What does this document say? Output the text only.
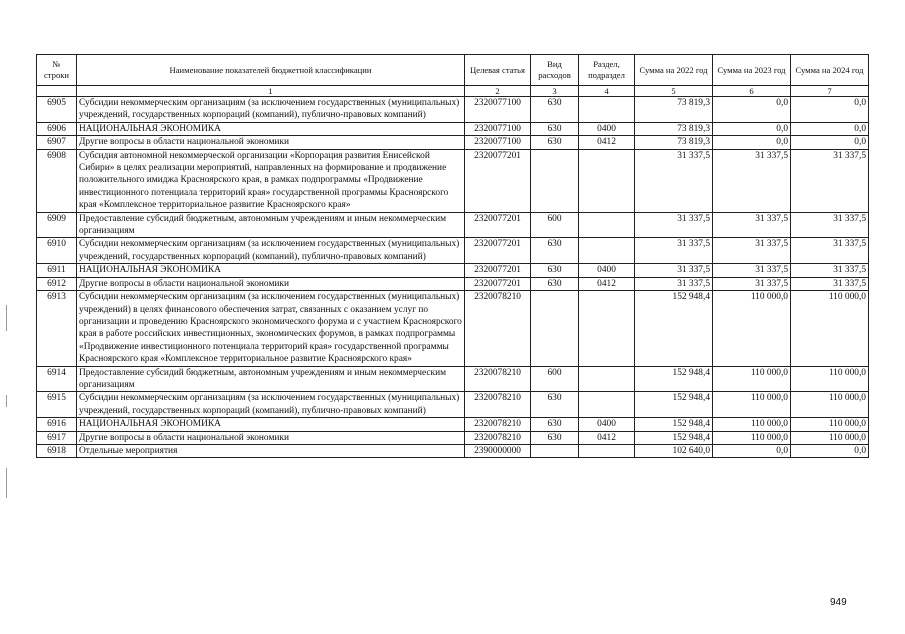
№ строки	Наименование показателей бюджетной классификации	Целевая статья	Вид расходов	Раздел, подраздел	Сумма на 2022 год	Сумма на 2023 год	Сумма на 2024 год
	1	2	3	4	5	6	7
6905	Субсидии некоммерческим организациям (за исключением государственных (муниципальных) учреждений, государственных корпораций (компаний), публично-правовых компаний)	2320077100	630		73 819,3	0,0	0,0
6906	НАЦИОНАЛЬНАЯ ЭКОНОМИКА	2320077100	630	0400	73 819,3	0,0	0,0
6907	Другие вопросы в области национальной экономики	2320077100	630	0412	73 819,3	0,0	0,0
6908	Субсидия автономной некоммерческой организации «Корпорация развития Енисейской Сибири» в целях реализации мероприятий, направленных на формирование и продвижение положительного имиджа Красноярского края, в рамках подпрограммы «Продвижение инвестиционного потенциала территорий края» государственной программы Красноярского края «Комплексное территориальное развитие Красноярского края»	2320077201			31 337,5	31 337,5	31 337,5
6909	Предоставление субсидий бюджетным, автономным учреждениям и иным некоммерческим организациям	2320077201	600		31 337,5	31 337,5	31 337,5
6910	Субсидии некоммерческим организациям (за исключением государственных (муниципальных) учреждений, государственных корпораций (компаний), публично-правовых компаний)	2320077201	630		31 337,5	31 337,5	31 337,5
6911	НАЦИОНАЛЬНАЯ ЭКОНОМИКА	2320077201	630	0400	31 337,5	31 337,5	31 337,5
6912	Другие вопросы в области национальной экономики	2320077201	630	0412	31 337,5	31 337,5	31 337,5
6913	Субсидии некоммерческим организациям (за исключением государственных (муниципальных) учреждений) в целях финансового обеспечения затрат, связанных с оказанием услуг по организации и проведению Красноярского экономического форума и с участием Красноярского края в работе российских инвестиционных, экономических форумов, в рамках подпрограммы «Продвижение инвестиционного потенциала территорий края» государственной программы Красноярского края «Комплексное территориальное развитие Красноярского края»	2320078210			152 948,4	110 000,0	110 000,0
6914	Предоставление субсидий бюджетным, автономным учреждениям и иным некоммерческим организациям	2320078210	600		152 948,4	110 000,0	110 000,0
6915	Субсидии некоммерческим организациям (за исключением государственных (муниципальных) учреждений, государственных корпораций (компаний), публично-правовых компаний)	2320078210	630		152 948,4	110 000,0	110 000,0
6916	НАЦИОНАЛЬНАЯ ЭКОНОМИКА	2320078210	630	0400	152 948,4	110 000,0	110 000,0
6917	Другие вопросы в области национальной экономики	2320078210	630	0412	152 948,4	110 000,0	110 000,0
6918	Отдельные мероприятия	2390000000			102 640,0	0,0	0,0
949
